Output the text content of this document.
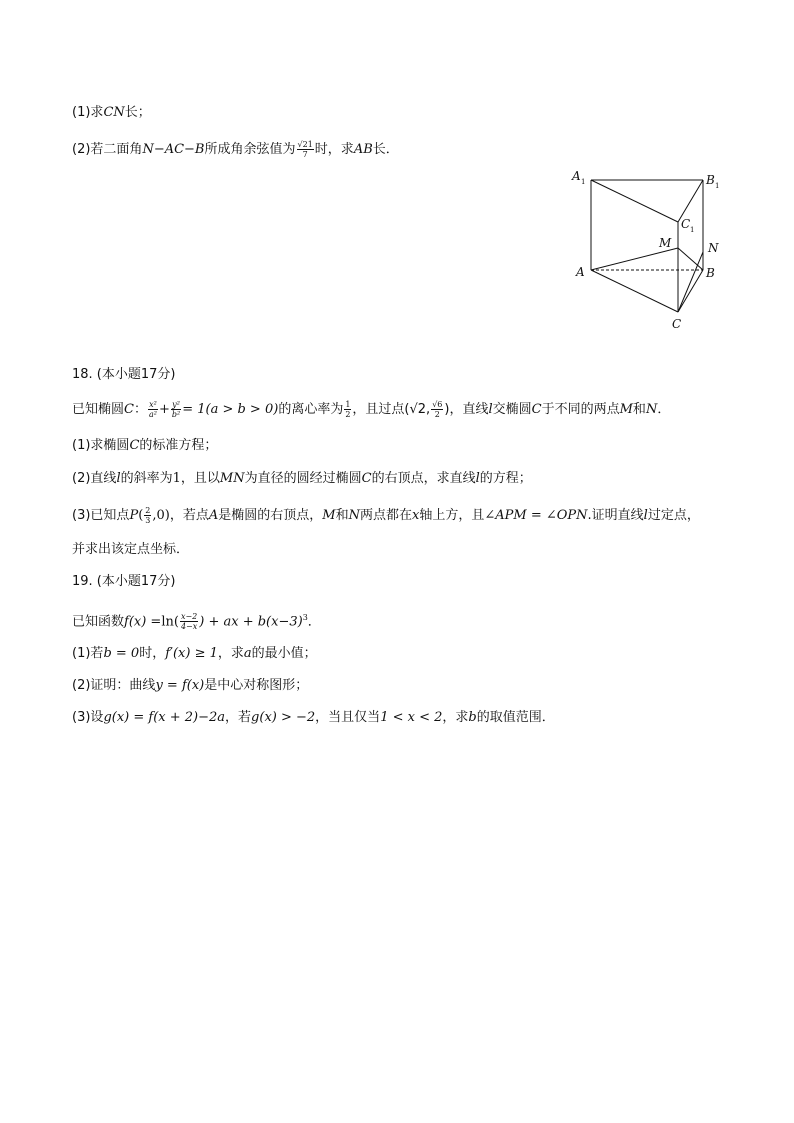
(1)求CN长；
(2)若二面角N−AC−B所成角余弦值为 $\frac{√21}{7}$ 时，求AB长．
A 1	B 1
C 1
M	N
A	B
C
18. (本小题17分)
已知椭圆C： $\frac{\text{x²}}{\text{a²}} + \frac{\text{y²}}{\text{b²}} = 1(a > b > 0)$的离心率为 $\frac{1}{2}$ ，且过点(√2, $\frac{√6}{2}$ )，直线l交椭圆C于不同的两点M和N．
(1)求椭圆C的标准方程；
(2)直线l的斜率为1，且以MN为直径的圆经过椭圆C的右顶点，求直线l的方程；
(3)已知点$P( \frac{2}{3} ,0)$，若点A是椭圆的右顶点，M和N两点都在x轴上方，且∠APM = ∠OPN.证明直线l过定点，
并求出该定点坐标．
19. (本小题17分)
已知函数$f(x) =\ln( \frac{x-2}{4-x}$ ) + ax + $b(x-3)^3$．
(1)若b = 0时，f′(x) ≥ 1，求a的最小值；
(2)证明：曲线y = f(x)是中心对称图形；
(3)设g(x) = f(x + 2)−2a，若g(x) > −2，当且仅当1 < x < 2，求b的取值范围．
